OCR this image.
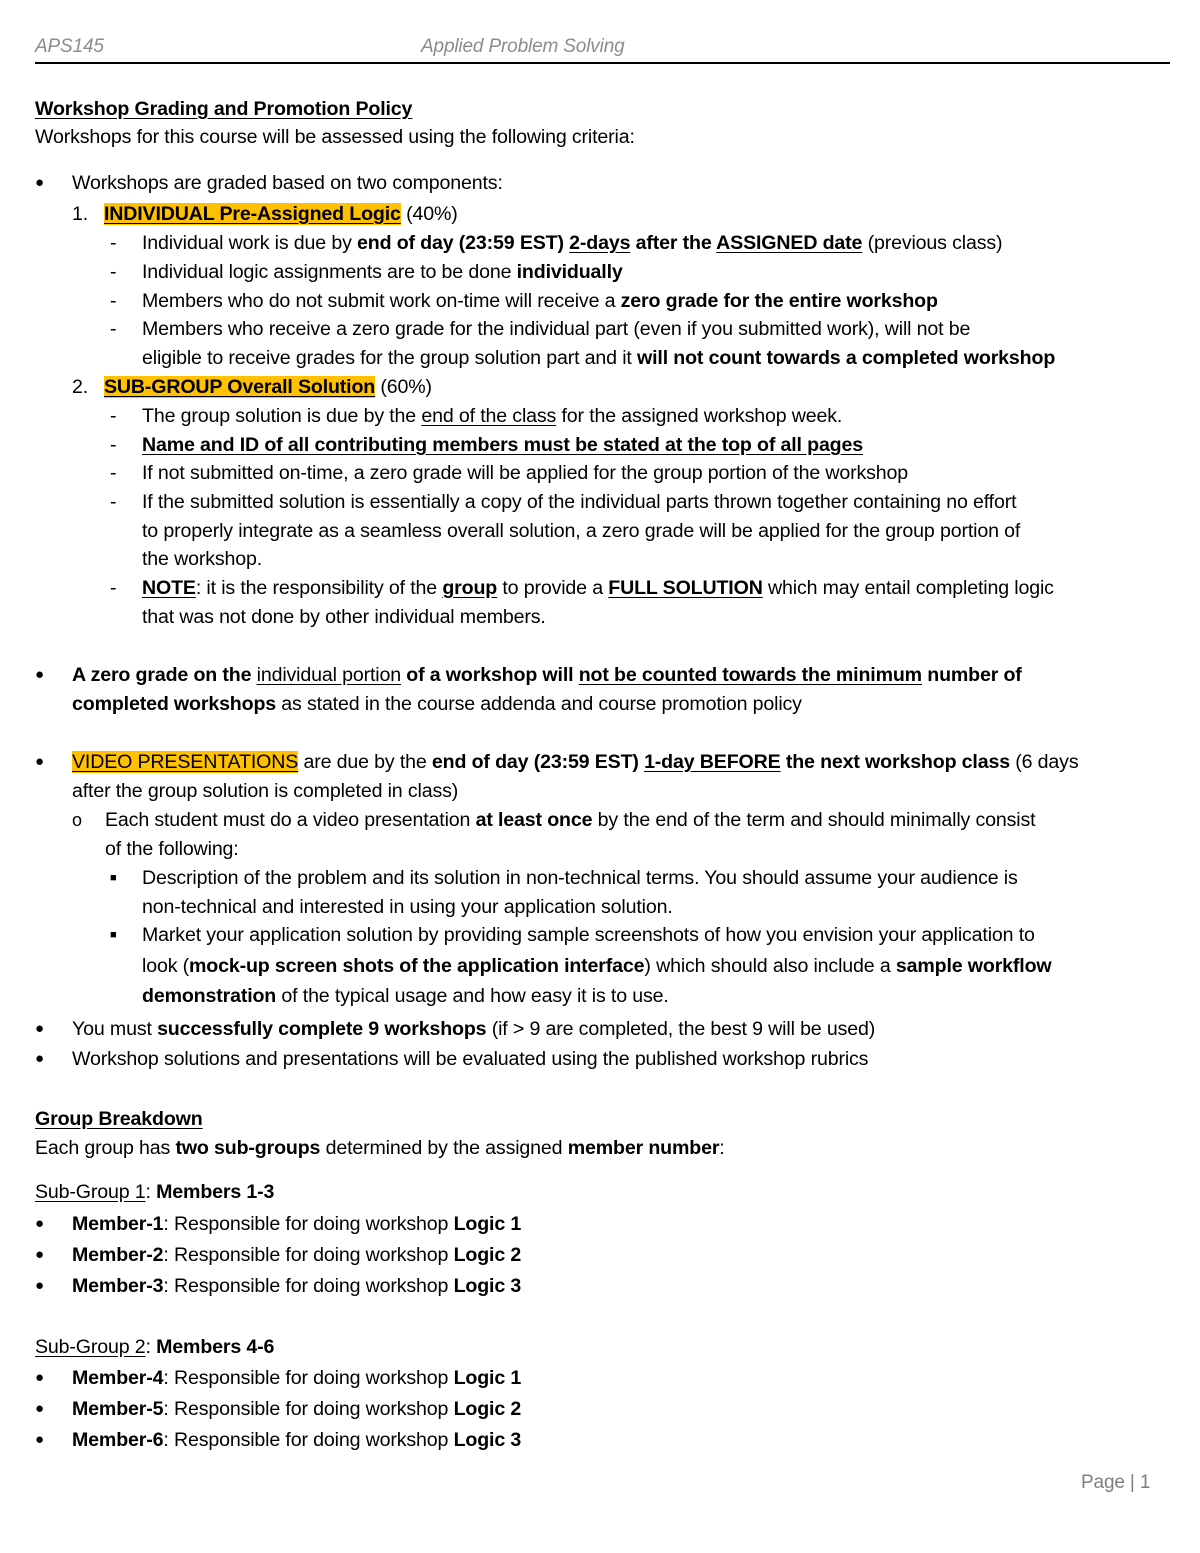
APS145	Applied Problem Solving
Workshop Grading and Promotion Policy
Workshops for this course will be assessed using the following criteria:
● Workshops are graded based on two components:
1. INDIVIDUAL Pre-Assigned Logic (40%)
- Individual work is due by end of day (23:59 EST) 2-days after the ASSIGNED date (previous class)
- Individual logic assignments are to be done individually
- Members who do not submit work on-time will receive a zero grade for the entire workshop
- Members who receive a zero grade for the individual part (even if you submitted work), will not be
eligible to receive grades for the group solution part and it will not count towards a completed workshop
2. SUB-GROUP Overall Solution (60%)
- The group solution is due by the end of the class for the assigned workshop week.
- Name and ID of all contributing members must be stated at the top of all pages
- If not submitted on-time, a zero grade will be applied for the group portion of the workshop
- If the submitted solution is essentially a copy of the individual parts thrown together containing no effort
to properly integrate as a seamless overall solution, a zero grade will be applied for the group portion of
the workshop.
- NOTE: it is the responsibility of the group to provide a FULL SOLUTION which may entail completing logic
that was not done by other individual members.
● A zero grade on the individual portion of a workshop will not be counted towards the minimum number of
completed workshops as stated in the course addenda and course promotion policy
● VIDEO PRESENTATIONS are due by the end of day (23:59 EST) 1-day BEFORE the next workshop class (6 days
after the group solution is completed in class)
o Each student must do a video presentation at least once by the end of the term and should minimally consist
of the following:
■ Description of the problem and its solution in non-technical terms. You should assume your audience is
non-technical and interested in using your application solution.
■ Market your application solution by providing sample screenshots of how you envision your application to
look (mock-up screen shots of the application interface) which should also include a sample workflow
demonstration of the typical usage and how easy it is to use.
● You must successfully complete 9 workshops (if > 9 are completed, the best 9 will be used)
● Workshop solutions and presentations will be evaluated using the published workshop rubrics
Group Breakdown
Each group has two sub-groups determined by the assigned member number:
Sub-Group 1: Members 1-3
● Member-1: Responsible for doing workshop Logic 1
● Member-2: Responsible for doing workshop Logic 2
● Member-3: Responsible for doing workshop Logic 3
Sub-Group 2: Members 4-6
● Member-4: Responsible for doing workshop Logic 1
● Member-5: Responsible for doing workshop Logic 2
● Member-6: Responsible for doing workshop Logic 3
Page | 1
